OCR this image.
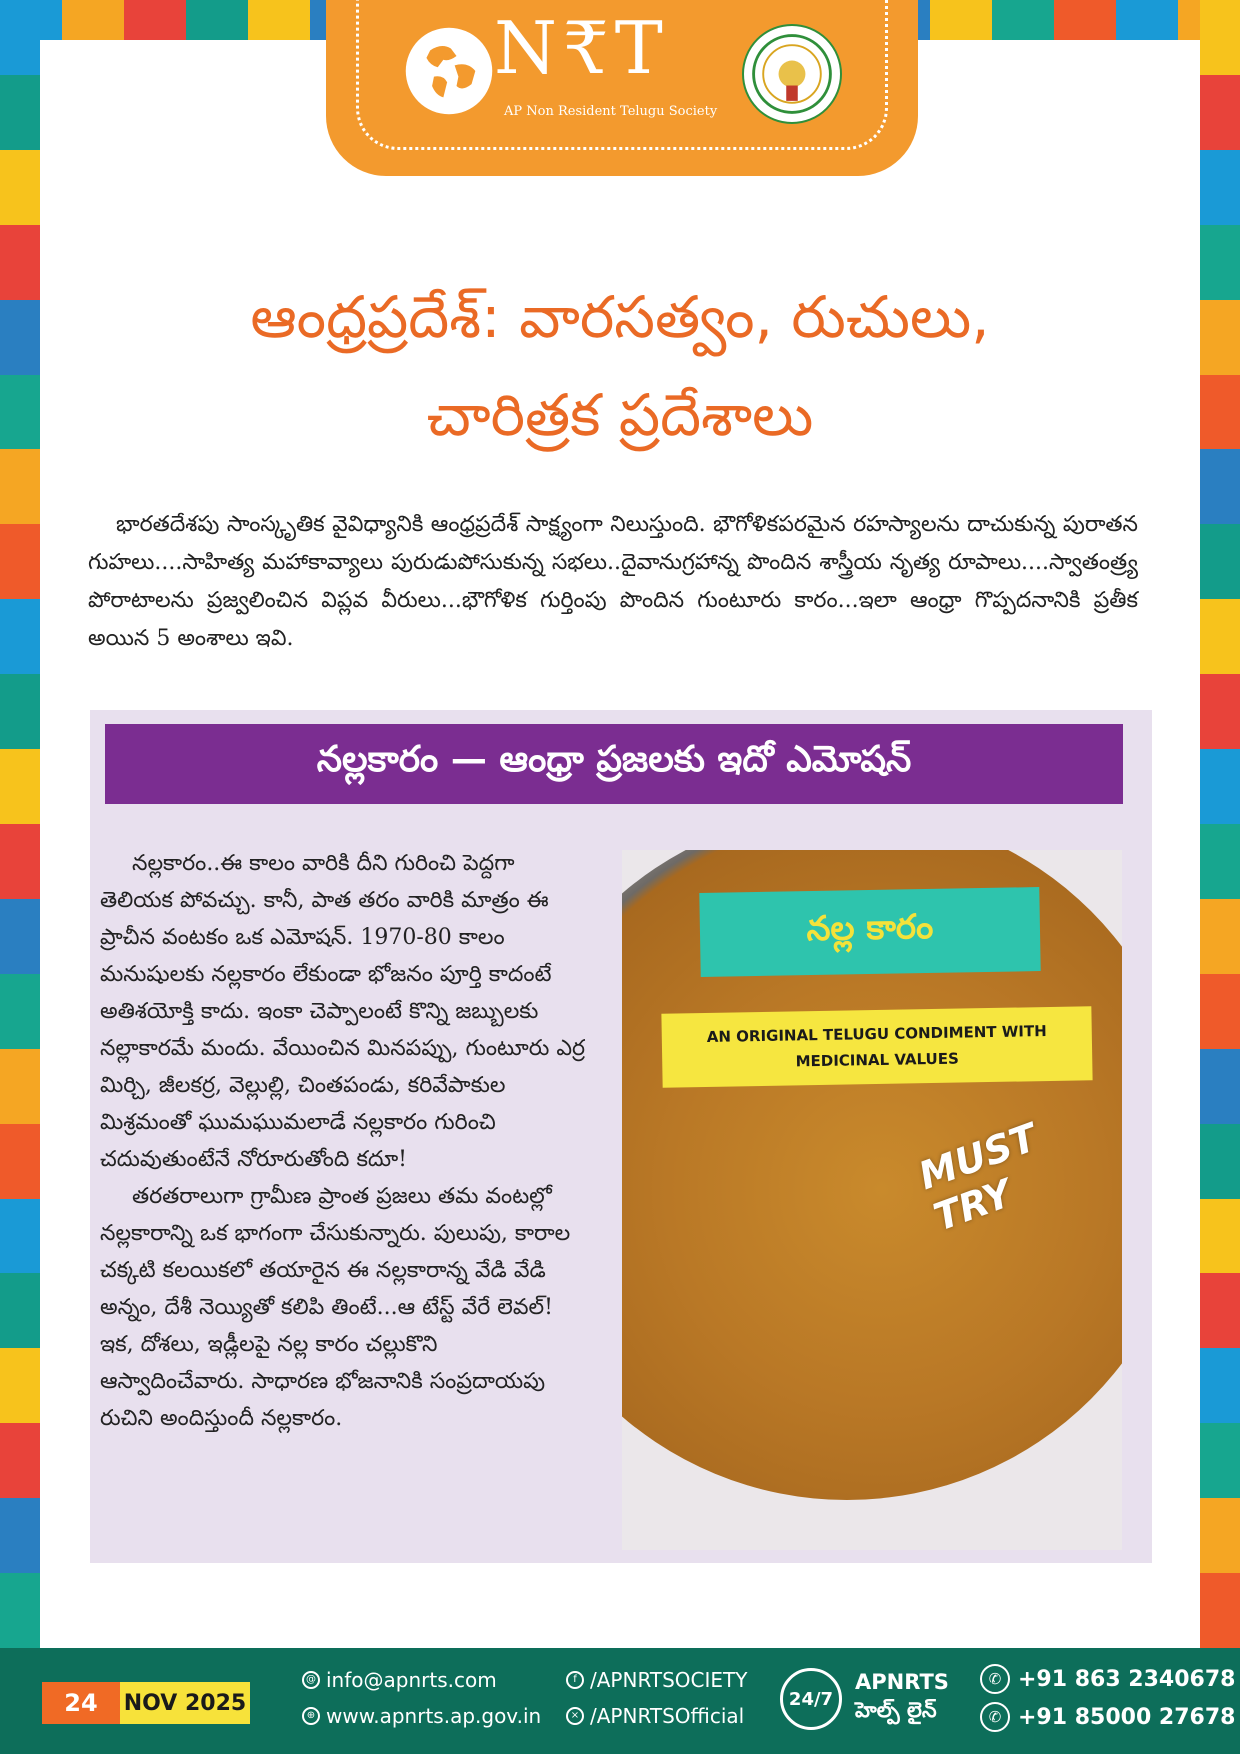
N₹T
AP Non Resident Telugu Society
ఆంధ్రప్రదేశ్‌: వారసత్వం, రుచులు,
చారిత్రక ప్రదేశాలు

భారతదేశపు సాంస్కృతిక వైవిధ్యానికి ఆంధ్రప్రదేశ్‌ సాక్ష్యంగా నిలుస్తుంది. భౌగోళికపరమైన రహస్యాలను దాచుకున్న పురాతన గుహలు....సాహిత్య మహాకావ్యాలు పురుడుపోసుకున్న సభలు..దైవానుగ్రహాన్న పొందిన శాస్త్రీయ నృత్య రూపాలు....స్వాతంత్ర్య పోరాటాలను ప్రజ్వలించిన విప్లవ వీరులు...భౌగోళిక గుర్తింపు పొందిన గుంటూరు కారం...ఇలా ఆంధ్రా గొప్పదనానికి ప్రతీక అయిన 5 అంశాలు ఇవి.

నల్లకారం — ఆంధ్రా ప్రజలకు ఇదో ఎమోషన్‌

నల్లకారం..ఈ కాలం వారికి దీని గురించి పెద్దగా తెలియక పోవచ్చు. కానీ, పాత తరం వారికి మాత్రం ఈ ప్రాచీన వంటకం ఒక ఎమోషన్‌. 1970-80 కాలం మనుషులకు నల్లకారం లేకుండా భోజనం పూర్తి కాదంటే అతిశయోక్తి కాదు. ఇంకా చెప్పాలంటే కొన్ని జబ్బులకు నల్లాకారమే మందు. వేయించిన మినపప్పు, గుంటూరు ఎర్ర మిర్చి, జీలకర్ర, వెల్లుల్లి, చింతపండు, కరివేపాకుల మిశ్రమంతో ఘుమఘుమలాడే నల్లకారం గురించి చదువుతుంటేనే నోరూరుతోంది కదూ!

తరతరాలుగా గ్రామీణ ప్రాంత ప్రజలు తమ వంటల్లో నల్లకారాన్ని ఒక భాగంగా చేసుకున్నారు. పులుపు, కారాల చక్కటి కలయికలో తయారైన ఈ నల్లకారాన్న వేడి వేడి అన్నం, దేశీ నెయ్యితో కలిపి తింటే...ఆ టేస్ట్‌ వేరే లెవల్‌! ఇక, దోశలు, ఇడ్లీలపై నల్ల కారం చల్లుకొని ఆస్వాదించేవారు. సాధారణ భోజనానికి సంప్రదాయపు రుచిని అందిస్తుందీ నల్లకారం.

నల్ల కారం
AN ORIGINAL TELUGU CONDIMENT WITH MEDICINAL VALUES
MUST TRY
24	NOV 2025
@ info@apnrts.com
⊕ www.apnrts.ap.gov.in
f /APNRTSOCIETY
× /APNRTSOfficial
24/7
APNRTS
హెల్ప్‌ లైన్‌
✆ +91 863 2340678
✆ +91 85000 27678
